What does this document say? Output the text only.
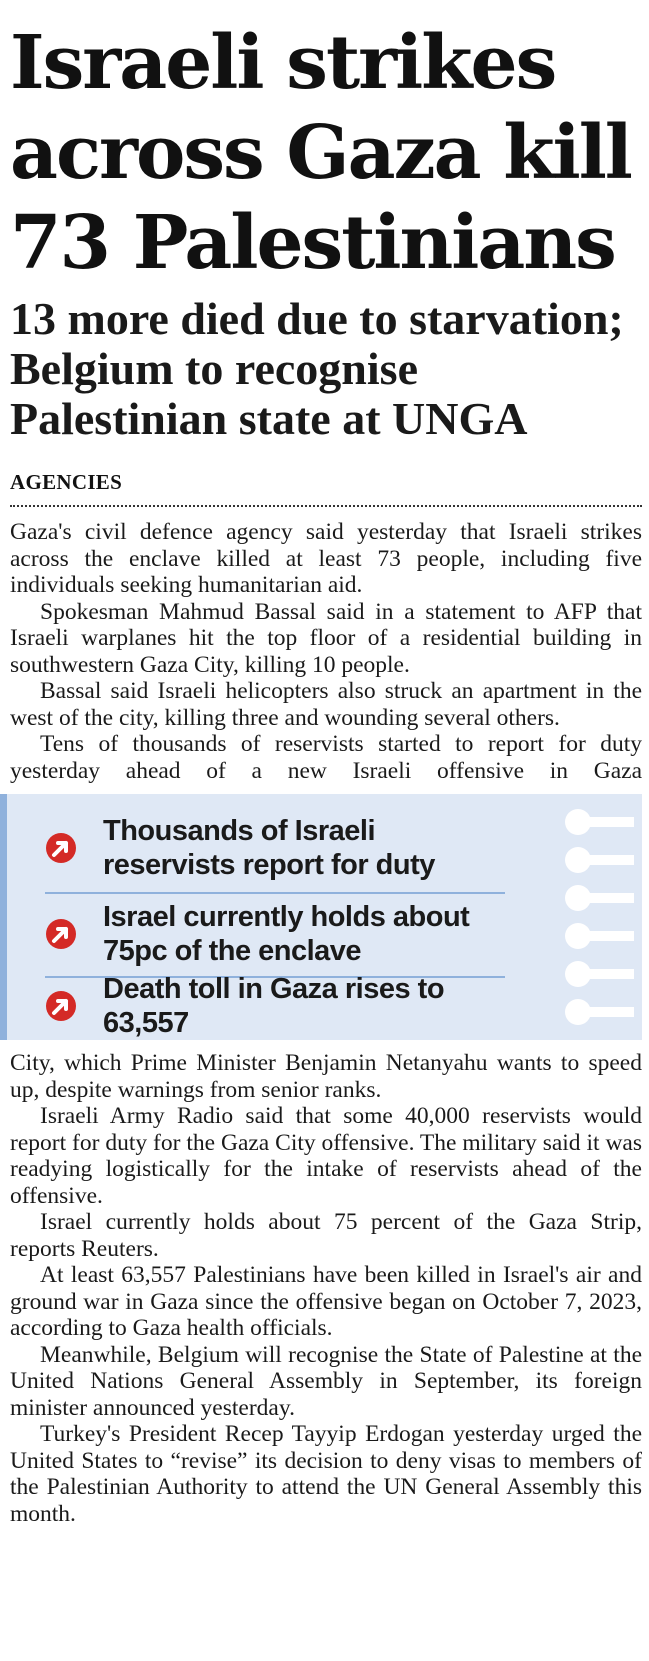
Israeli strikes across Gaza kill 73 Palestinians
13 more died due to starvation; Belgium to recognise Palestinian state at UNGA
AGENCIES

Gaza's civil defence agency said yesterday that Israeli strikes across the enclave killed at least 73 people, including five individuals seeking humanitarian aid.

Spokesman Mahmud Bassal said in a statement to AFP that Israeli warplanes hit the top floor of a residential building in southwestern Gaza City, killing 10 people.

Bassal said Israeli helicopters also struck an apartment in the west of the city, killing three and wounding several others.

Tens of thousands of reservists started to report for duty yesterday ahead of a new Israeli offensive in Gaza

Thousands of Israeli reservists report for duty
Israel currently holds about 75pc of the enclave
Death toll in Gaza rises to 63,557

City, which Prime Minister Benjamin Netanyahu wants to speed up, despite warnings from senior ranks.

Israeli Army Radio said that some 40,000 reservists would report for duty for the Gaza City offensive. The military said it was readying logistically for the intake of reservists ahead of the offensive.

Israel currently holds about 75 percent of the Gaza Strip, reports Reuters.

At least 63,557 Palestinians have been killed in Israel's air and ground war in Gaza since the offensive began on October 7, 2023, according to Gaza health officials.

Meanwhile, Belgium will recognise the State of Palestine at the United Nations General Assembly in September, its foreign minister announced yesterday.

Turkey's President Recep Tayyip Erdogan yesterday urged the United States to “revise” its decision to deny visas to members of the Palestinian Authority to attend the UN General Assembly this month.
